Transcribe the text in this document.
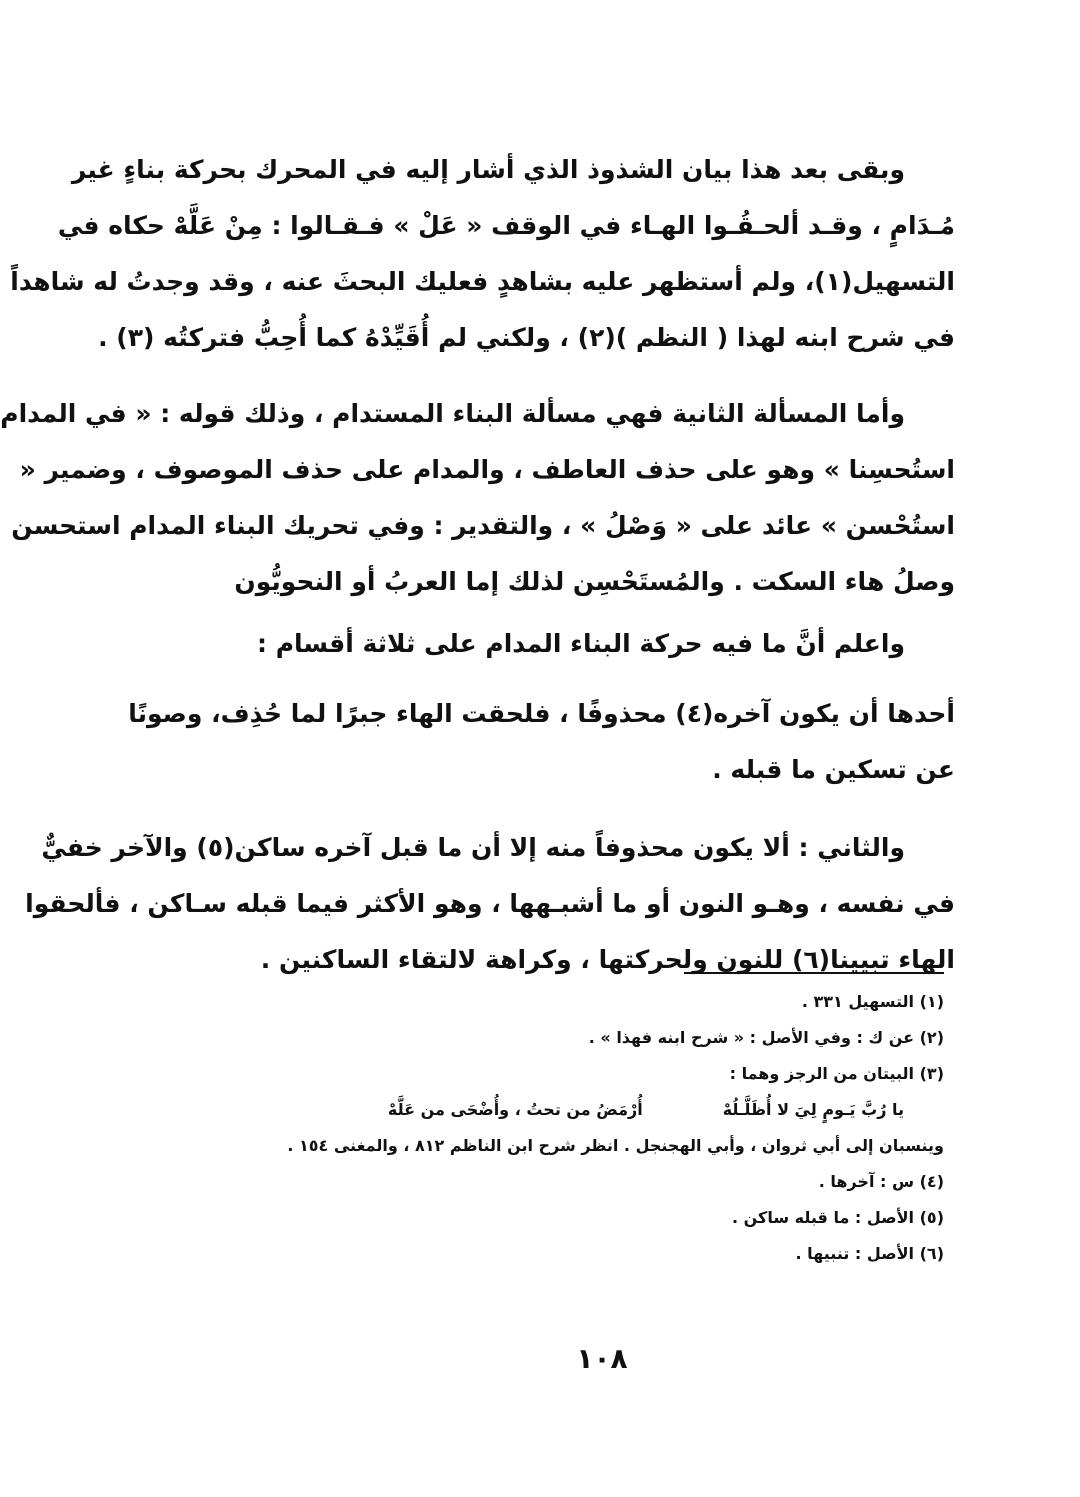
وبقى بعد هذا بيان الشذوذ الذي أشار إليه في المحرك بحركة بناءٍ غير
مُـدَامٍ ، وقـد ألحـقُـوا الهـاء في الوقف « عَلْ » فـقـالوا : مِنْ عَلَّهْ حكاه في
التسهيل(١)، ولم أستظهر عليه بشاهدٍ فعليك البحثَ عنه ، وقد وجدتُ له شاهداً
في شرح ابنه لهذا ( النظم )(٢) ، ولكني لم أُقَيِّدْهُ كما أُحِبُّ فتركتُه (٣) .
وأما المسألة الثانية فهي مسألة البناء المستدام ، وذلك قوله : « في المدام
استُحسِنا » وهو على حذف العاطف ، والمدام على حذف الموصوف ، وضمير «
استُحْسن » عائد على « وَصْلُ » ، والتقدير : وفي تحريك البناء المدام استحسن
وصلُ هاء السكت . والمُستَحْسِن لذلك إما العربُ أو النحويُّون
واعلم أنَّ ما فيه حركة البناء المدام على ثلاثة أقسام :
أحدها أن يكون آخره(٤) محذوفًا ، فلحقت الهاء جبرًا لما حُذِف، وصونًا
عن تسكين ما قبله .
والثاني : ألا يكون محذوفاً منه إلا أن ما قبل آخره ساكن(٥) والآخر خفيٌّ
في نفسه ، وهـو النون أو ما أشبـهها ، وهو الأكثر فيما قبله سـاكن ، فألحقوا
الهاء تبيينا(٦) للنون ولحركتها ، وكراهة لالتقاء الساكنين .
(١) التسهيل ٣٣١ .
(٢) عن ك : وفي الأصل : « شرح ابنه فهذا » .
(٣) البيتان من الرجز وهما :
يا رُبَّ يَـومٍ لِيَ لا أُظَلَّـلُهْ
أُرْمَضُ من تحتُ ، وأُضْحَى من عَلَّهْ
وينسبان إلى أبي ثروان ، وأبي الهجنجل . انظر شرح ابن الناظم ٨١٢ ، والمغنى ١٥٤ .
(٤) س : آخرها .
(٥) الأصل : ما قبله ساكن .
(٦) الأصل : تنبيها .
١٠٨
